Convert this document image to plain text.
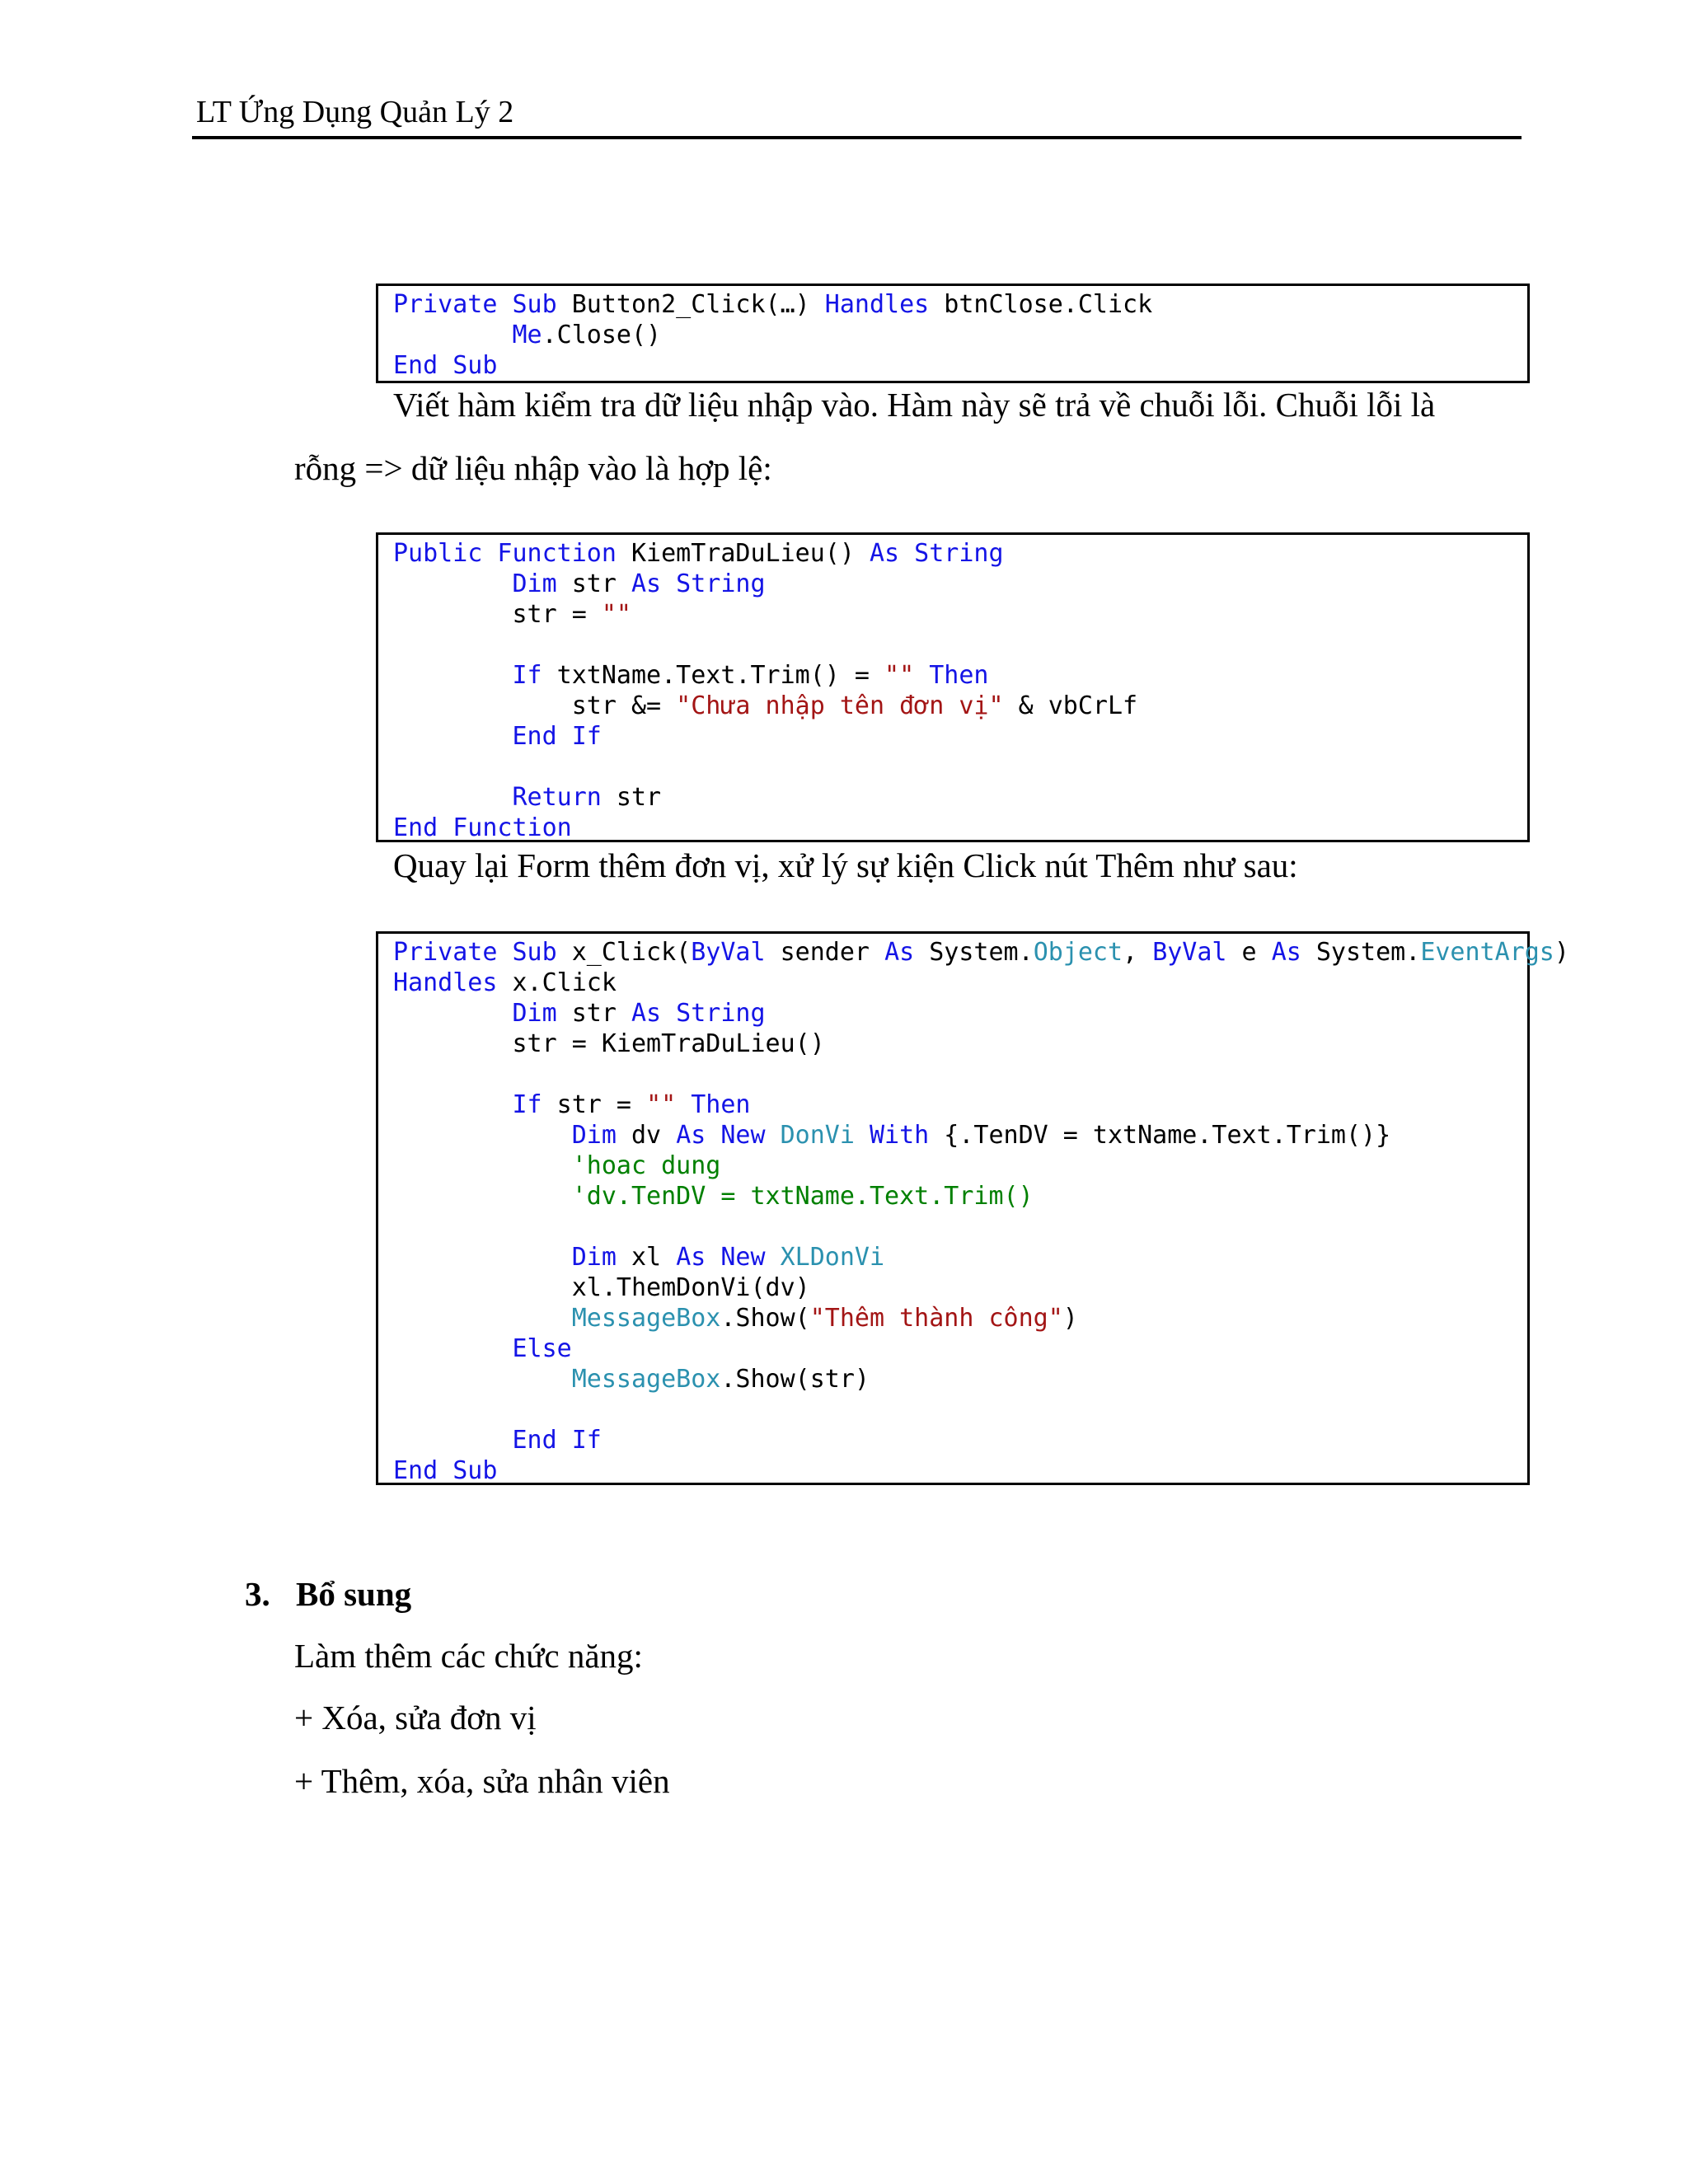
LT Ứng Dụng Quản Lý 2
Private Sub Button2_Click(…) Handles btnClose.Click
Me.Close()
End Sub
Viết hàm kiểm tra dữ liệu nhập vào. Hàm này sẽ trả về chuỗi lỗi. Chuỗi lỗi là
rỗng => dữ liệu nhập vào là hợp lệ:
Public Function KiemTraDuLieu() As String
Dim str As String
str = ""
If txtName.Text.Trim() = "" Then
str &= "Chưa nhập tên đơn vị" & vbCrLf
End If
Return str
End Function
Quay lại Form thêm đơn vị, xử lý sự kiện Click nút Thêm như sau:
Private Sub x_Click(ByVal sender As System.Object, ByVal e As System.EventArgs)
Handles x.Click
Dim str As String
str = KiemTraDuLieu()
If str = "" Then
Dim dv As New DonVi With {.TenDV = txtName.Text.Trim()}
'hoac dung
'dv.TenDV = txtName.Text.Trim()
Dim xl As New XLDonVi
xl.ThemDonVi(dv)
MessageBox.Show("Thêm thành công")
Else
MessageBox.Show(str)
End If
End Sub
3. Bổ sung
Làm thêm các chức năng:
+ Xóa, sửa đơn vị
+ Thêm, xóa, sửa nhân viên
